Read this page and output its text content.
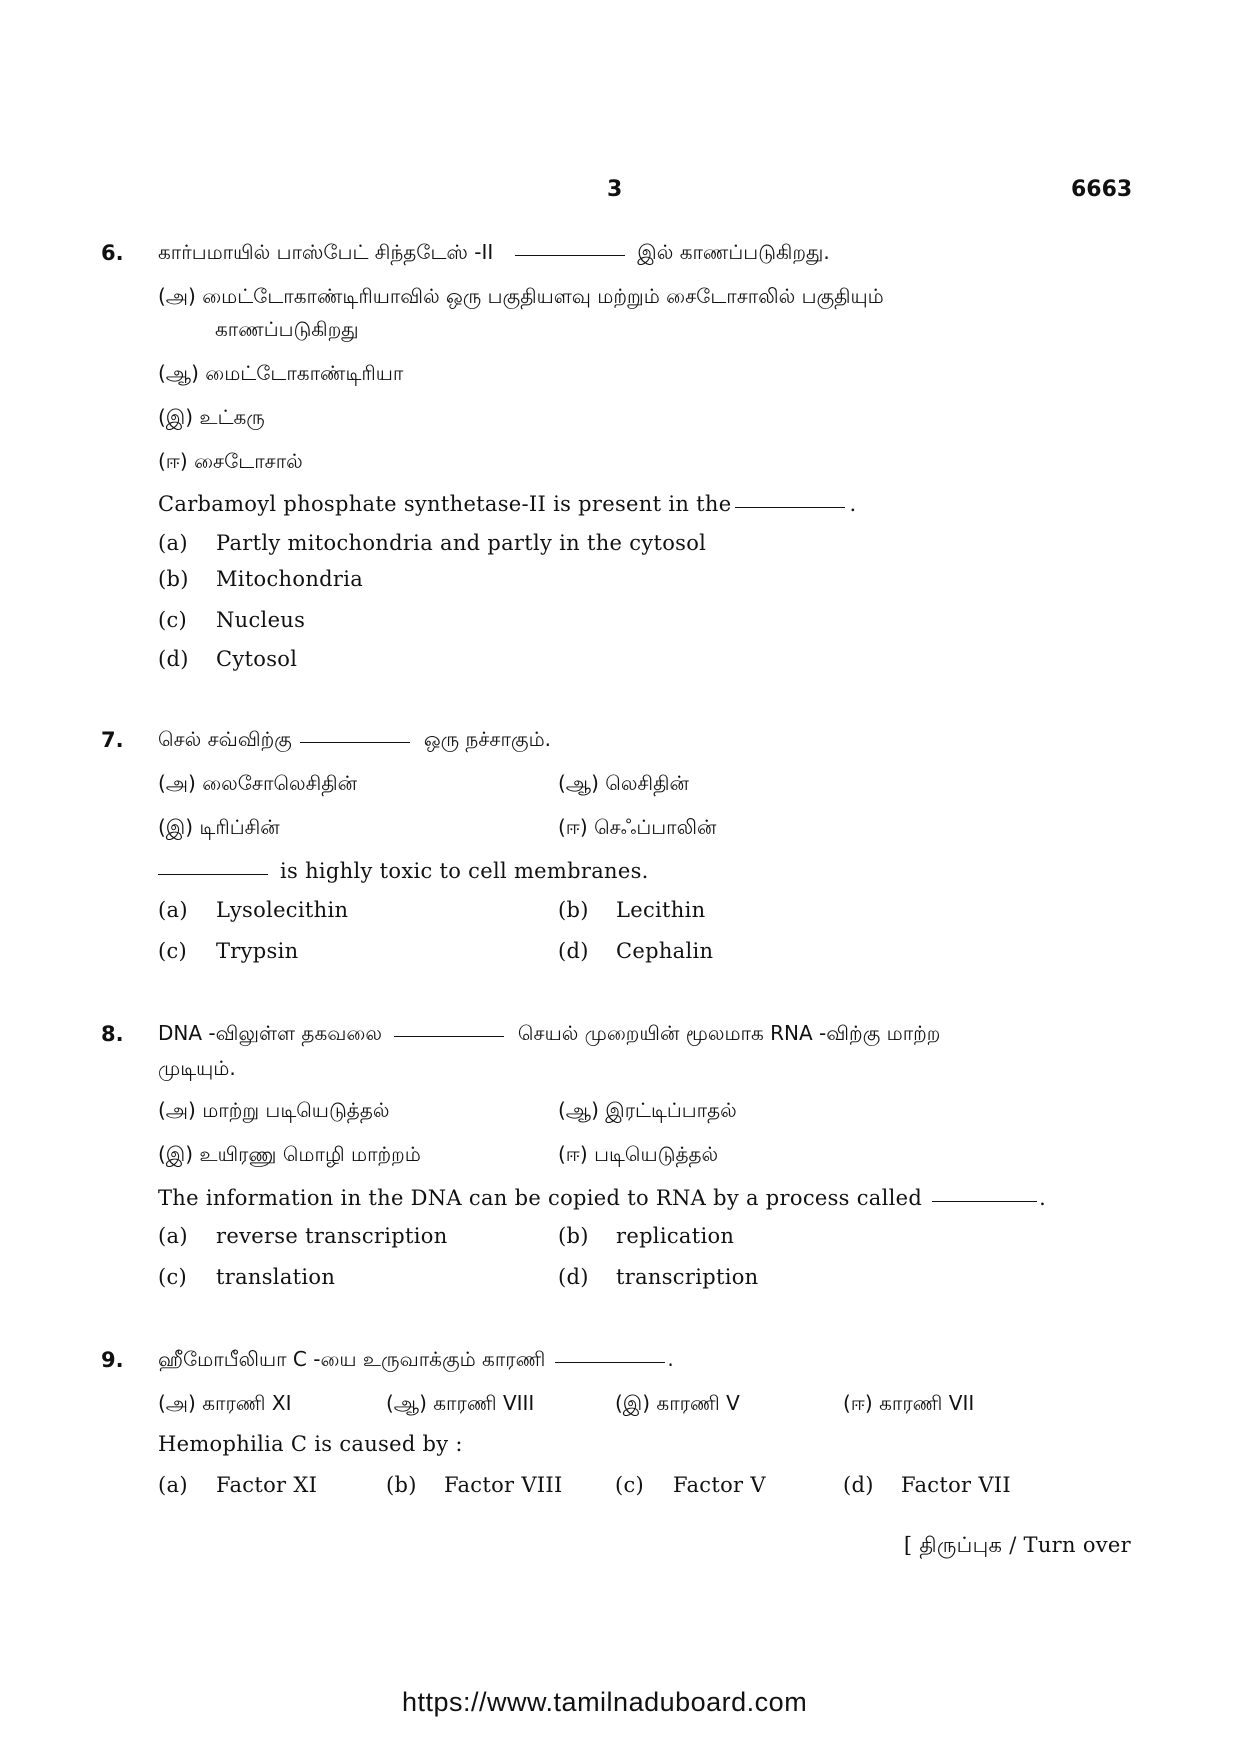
3	6663
6. கார்பமாயில் பாஸ்பேட் சிந்தடேஸ் -II	இல் காணப்படுகிறது.
(அ) மைட்டோகாண்டிரியாவில் ஒரு பகுதியளவு மற்றும் சைடோசாலில் பகுதியும்
காணப்படுகிறது
(ஆ) மைட்டோகாண்டிரியா
(இ) உட்கரு
(ஈ) சைடோசால்
Carbamoyl phosphate synthetase-II is present in the	.
(a) Partly mitochondria and partly in the cytosol
(b) Mitochondria
(c) Nucleus
(d) Cytosol
7. செல் சவ்விற்கு	ஒரு நச்சாகும்.
(அ) லைசோலெசிதின்	(ஆ) லெசிதின்
(இ) டிரிப்சின்	(ஈ) செஃப்பாலின்
is highly toxic to cell membranes.
(a) Lysolecithin	(b) Lecithin
(c) Trypsin	(d) Cephalin
8. DNA -விலுள்ள தகவலை	செயல் முறையின் மூலமாக RNA -விற்கு மாற்ற
முடியும்.
(அ) மாற்று படியெடுத்தல்	(ஆ) இரட்டிப்பாதல்
(இ) உயிரணு மொழி மாற்றம்	(ஈ) படியெடுத்தல்
The information in the DNA can be copied to RNA by a process called	.
(a) reverse transcription	(b) replication
(c) translation	(d) transcription
9. ஹீமோபீலியா C -யை உருவாக்கும் காரணி	.
(அ) காரணி XI	(ஆ) காரணி VIII	(இ) காரணி V	(ஈ) காரணி VII
Hemophilia C is caused by :
(a) Factor XI	(b) Factor VIII (c) Factor V	(d) Factor VII
[ திருப்புக / Turn over
https://www.tamilnaduboard.com
